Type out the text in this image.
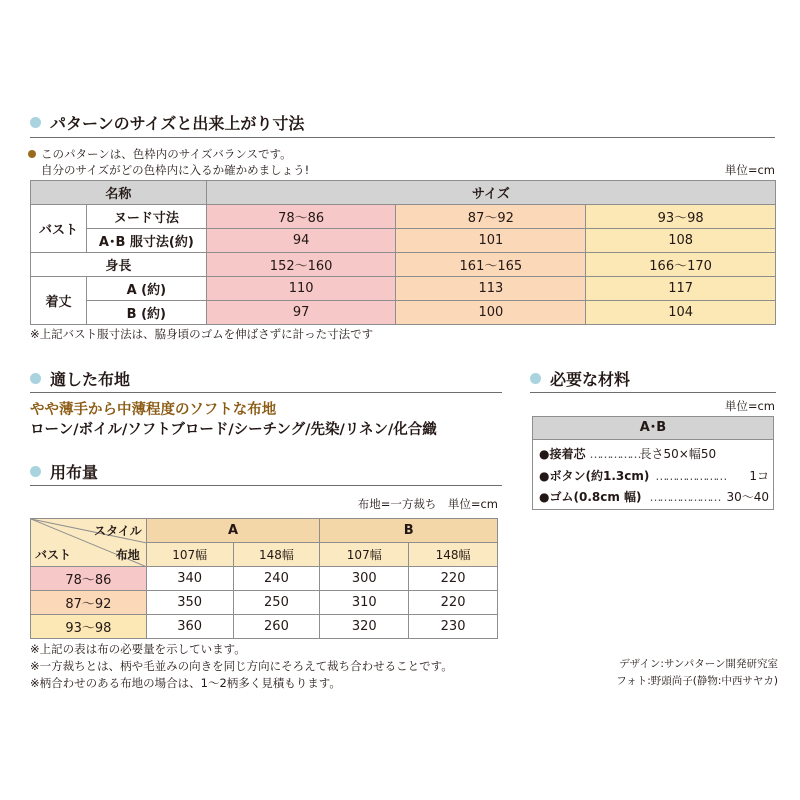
パターンのサイズと出来上がり寸法
このパターンは、色枠内のサイズバランスです。
自分のサイズがどの色枠内に入るか確かめましょう!	単位=cm
名称		サイズ		
バスト	ヌード寸法	78〜86	87〜92	93〜98
	A･B 服寸法(約)	94	101	108
身長		152〜160	161〜165	166〜170
着丈	A (約)	110	113	117
	B (約)	97	100	104
※上記バスト服寸法は、脇身頃のゴムを伸ばさずに計った寸法です
適した布地
やや薄手から中薄程度のソフトな布地
ローン/ボイル/ソフトブロード/シーチング/先染/リネン/化合織
用布量
布地=一方裁ち　単位=cm
スタイル
布地
バスト	A		B	
	107幅	148幅	107幅	148幅
78〜86	340	240	300	220
87〜92	350	250	310	220
93〜98	360	260	320	230
※上記の表は布の必要量を示しています。
※一方裁ちとは、柄や毛並みの向きを同じ方向にそろえて裁ち合わせることです。
※柄合わせのある布地の場合は、1〜2柄多く見積もります。
必要な材料
単位=cm
A･B
● 接着芯 …………… 長さ50×幅50
● ボタン(約1.3cm) ………………… 1コ
● ゴム(0.8cm 幅) ………………… 30〜40
デザイン:サンパターン開発研究室
フォト:野頭尚子(静物:中西サヤカ)
